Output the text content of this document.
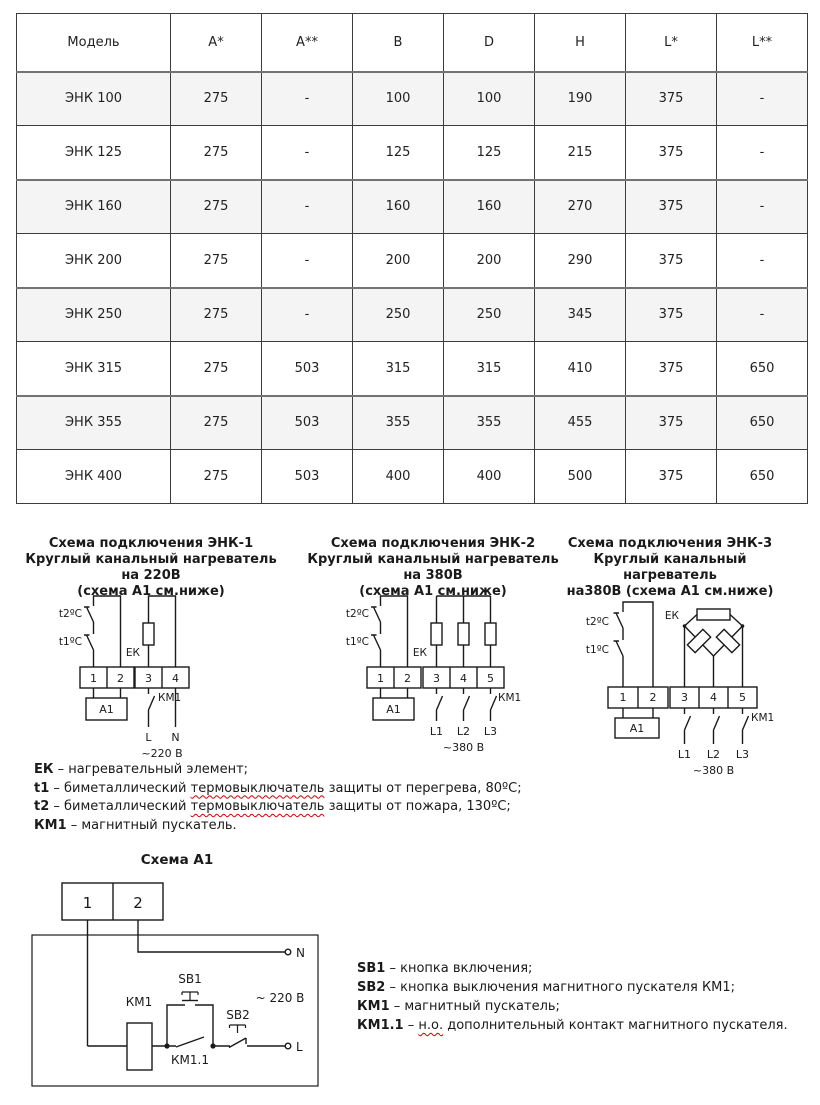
Модель	A*	A**	B	D	H	L*	L**
ЭНК 100	275	-	100	100	190	375	-
ЭНК 125	275	-	125	125	215	375	-
ЭНК 160	275	-	160	160	270	375	-
ЭНК 200	275	-	200	200	290	375	-
ЭНК 250	275	-	250	250	345	375	-
ЭНК 315	275	503	315	315	410	375	650
ЭНК 355	275	503	355	355	455	375	650
ЭНК 400	275	503	400	400	500	375	650
Схема подключения ЭНК-1
Круглый канальный нагреватель на 220В
(схема А1 см.ниже)
Схема подключения ЭНК-2
Круглый канальный нагреватель на 380В
(схема А1 см.ниже)
Схема подключения ЭНК-3
Круглый канальный нагреватель
на380В (схема А1 см.ниже)
t2ºC
t1ºC
ЕК
1 2 3 4
А1
КМ1
L N
~220 В
t2ºC
t1ºC
ЕК
1 2 3 4 5
А1
КМ1
L1 L2 L3
~380 В
t2ºC
t1ºC
ЕК
1 2 3 4 5
А1
КМ1
L1 L2 L3
~380 В
ЕК – нагревательный элемент;
t1 – биметаллический термовыключатель защиты от перегрева, 80ºС;
t2 – биметаллический термовыключатель защиты от пожара, 130ºС;
КМ1 – магнитный пускатель.
Схема А1
1	2
N
L
SB1
КМ1
SB2
КМ1.1
~ 220 В
SB1 – кнопка включения;
SB2 – кнопка выключения магнитного пускателя КМ1;
КМ1 – магнитный пускатель;
КМ1.1 – н.о. дополнительный контакт магнитного пускателя.
